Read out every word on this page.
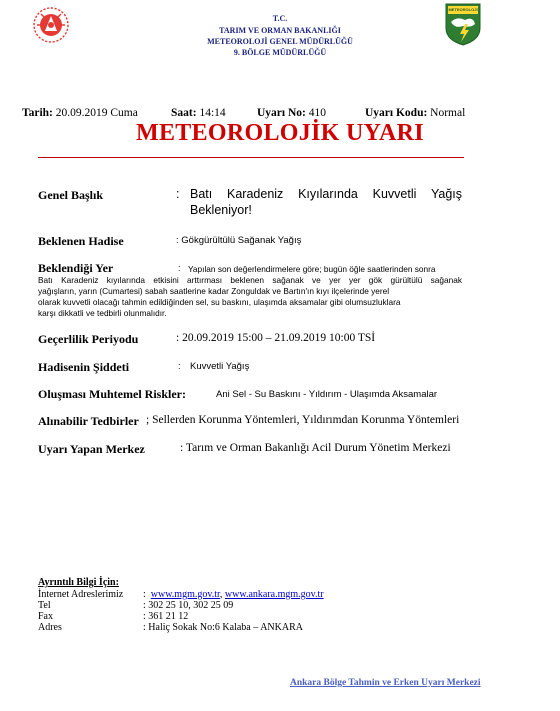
T.C.
TARIM VE ORMAN BAKANLIĞI
METEOROLOJİ GENEL MÜDÜRLÜĞÜ
9. BÖLGE MÜDÜRLÜĞÜ
METEOROLOJİ
Tarih: 20.09.2019 Cuma	Saat: 14:14	Uyarı No: 410	Uyarı Kodu: Normal
METEOROLOJİK UYARI
Genel Başlık	: Batı Karadeniz Kıyılarında Kuvvetli Yağış
Bekleniyor!
Beklenen Hadise	: Gökgürültülü Sağanak Yağış
Beklendiği Yer	: Yapılan son değerlendirmelere göre; bugün öğle saatlerinden sonra
Batı Karadeniz kıyılarında etkisini arttırması beklenen sağanak ve yer yer gök gürültülü sağanak
yağışların, yarın (Cumartesi) sabah saatlerine kadar Zonguldak ve Bartın'ın kıyı ilçelerinde yerel
olarak kuvvetli olacağı tahmin edildiğinden sel, su baskını, ulaşımda aksamalar gibi olumsuzluklara
karşı dikkatli ve tedbirli olunmalıdır.
Geçerlilik Periyodu	: 20.09.2019 15:00 – 21.09.2019 10:00 TSİ
Hadisenin Şiddeti	: Kuvvetli Yağış
Oluşması Muhtemel Riskler:	Ani Sel - Su Baskını - Yıldırım - Ulaşımda Aksamalar
Alınabilir Tedbirler ; Sellerden Korunma Yöntemleri, Yıldırımdan Korunma Yöntemleri
Uyarı Yapan Merkez	: Tarım ve Orman Bakanlığı Acil Durum Yönetim Merkezi
Ayrıntılı Bilgi İçin:
İnternet Adreslerimiz : www.mgm.gov.tr, www.ankara.mgm.gov.tr
Tel	: 302 25 10, 302 25 09
Fax	: 361 21 12
Adres	: Haliç Sokak No:6 Kalaba – ANKARA
Ankara Bölge Tahmin ve Erken Uyarı Merkezi
